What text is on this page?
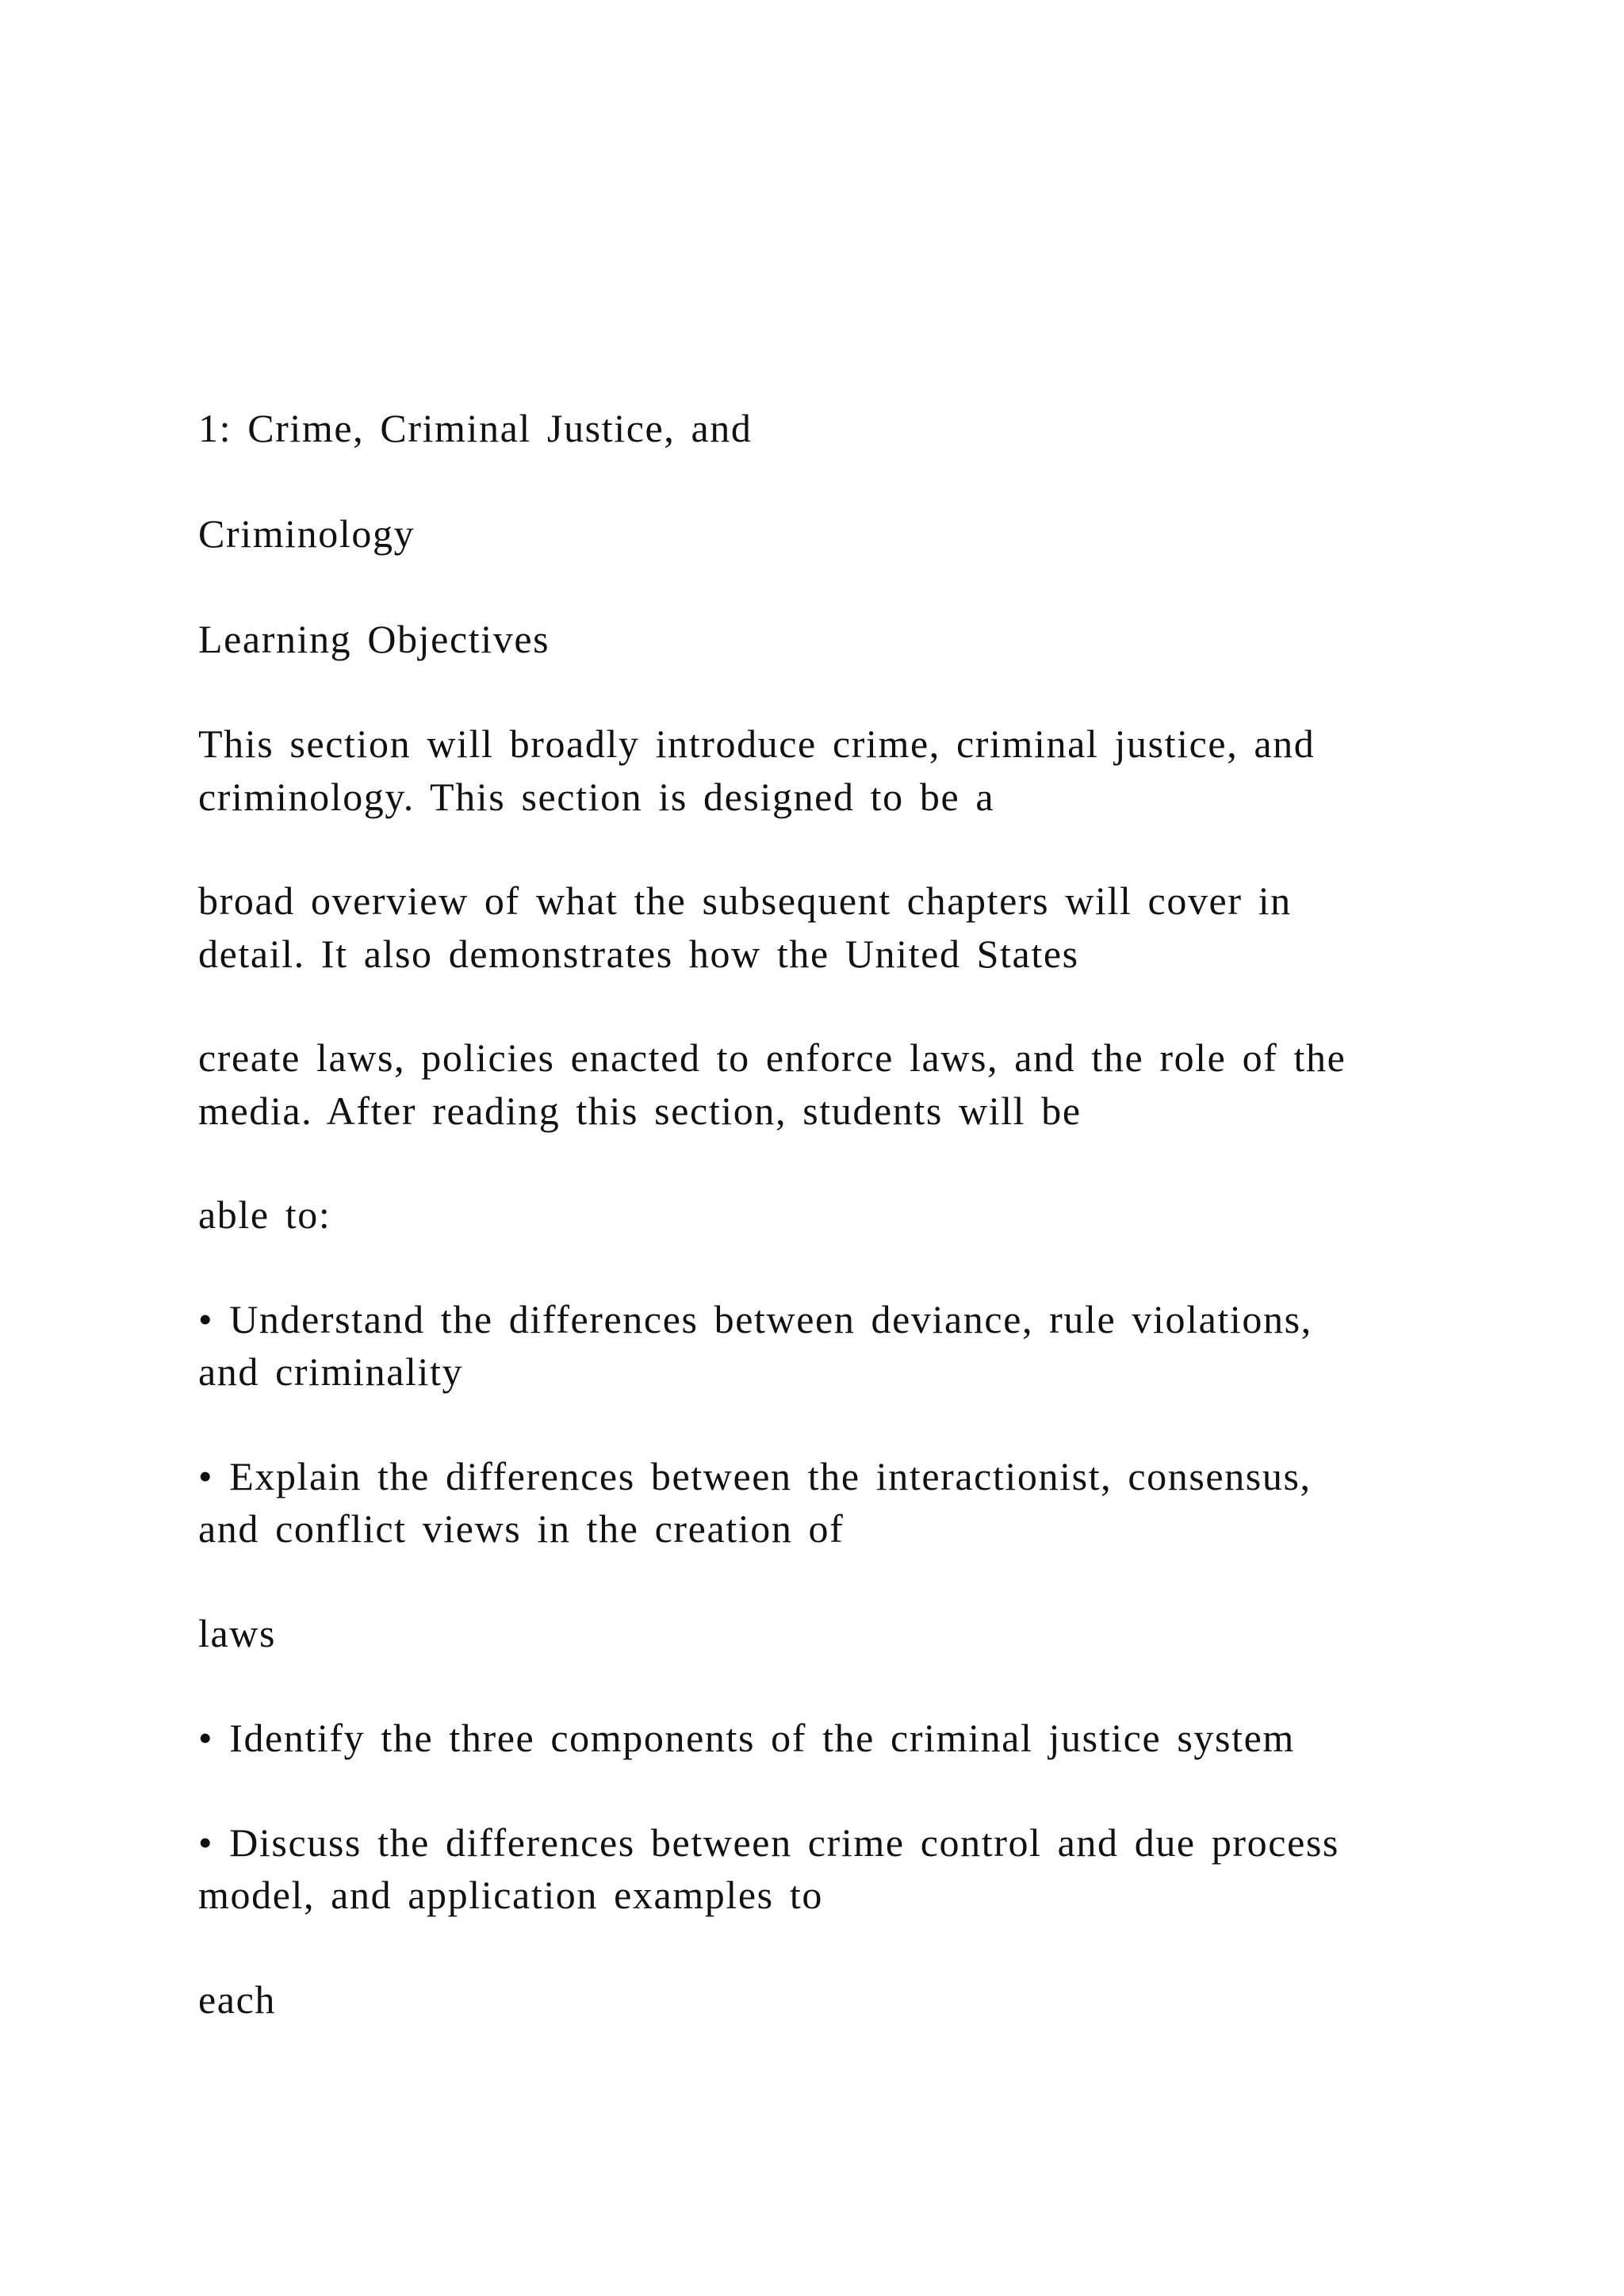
1: Crime, Criminal Justice, and
Criminology
Learning Objectives
This section will broadly introduce crime, criminal justice, and
criminology. This section is designed to be a
broad overview of what the subsequent chapters will cover in
detail. It also demonstrates how the United States
create laws, policies enacted to enforce laws, and the role of the
media. After reading this section, students will be
able to:
• Understand the differences between deviance, rule violations,
and criminality
• Explain the differences between the interactionist, consensus,
and conflict views in the creation of
laws
• Identify the three components of the criminal justice system
• Discuss the differences between crime control and due process
model, and application examples to
each
